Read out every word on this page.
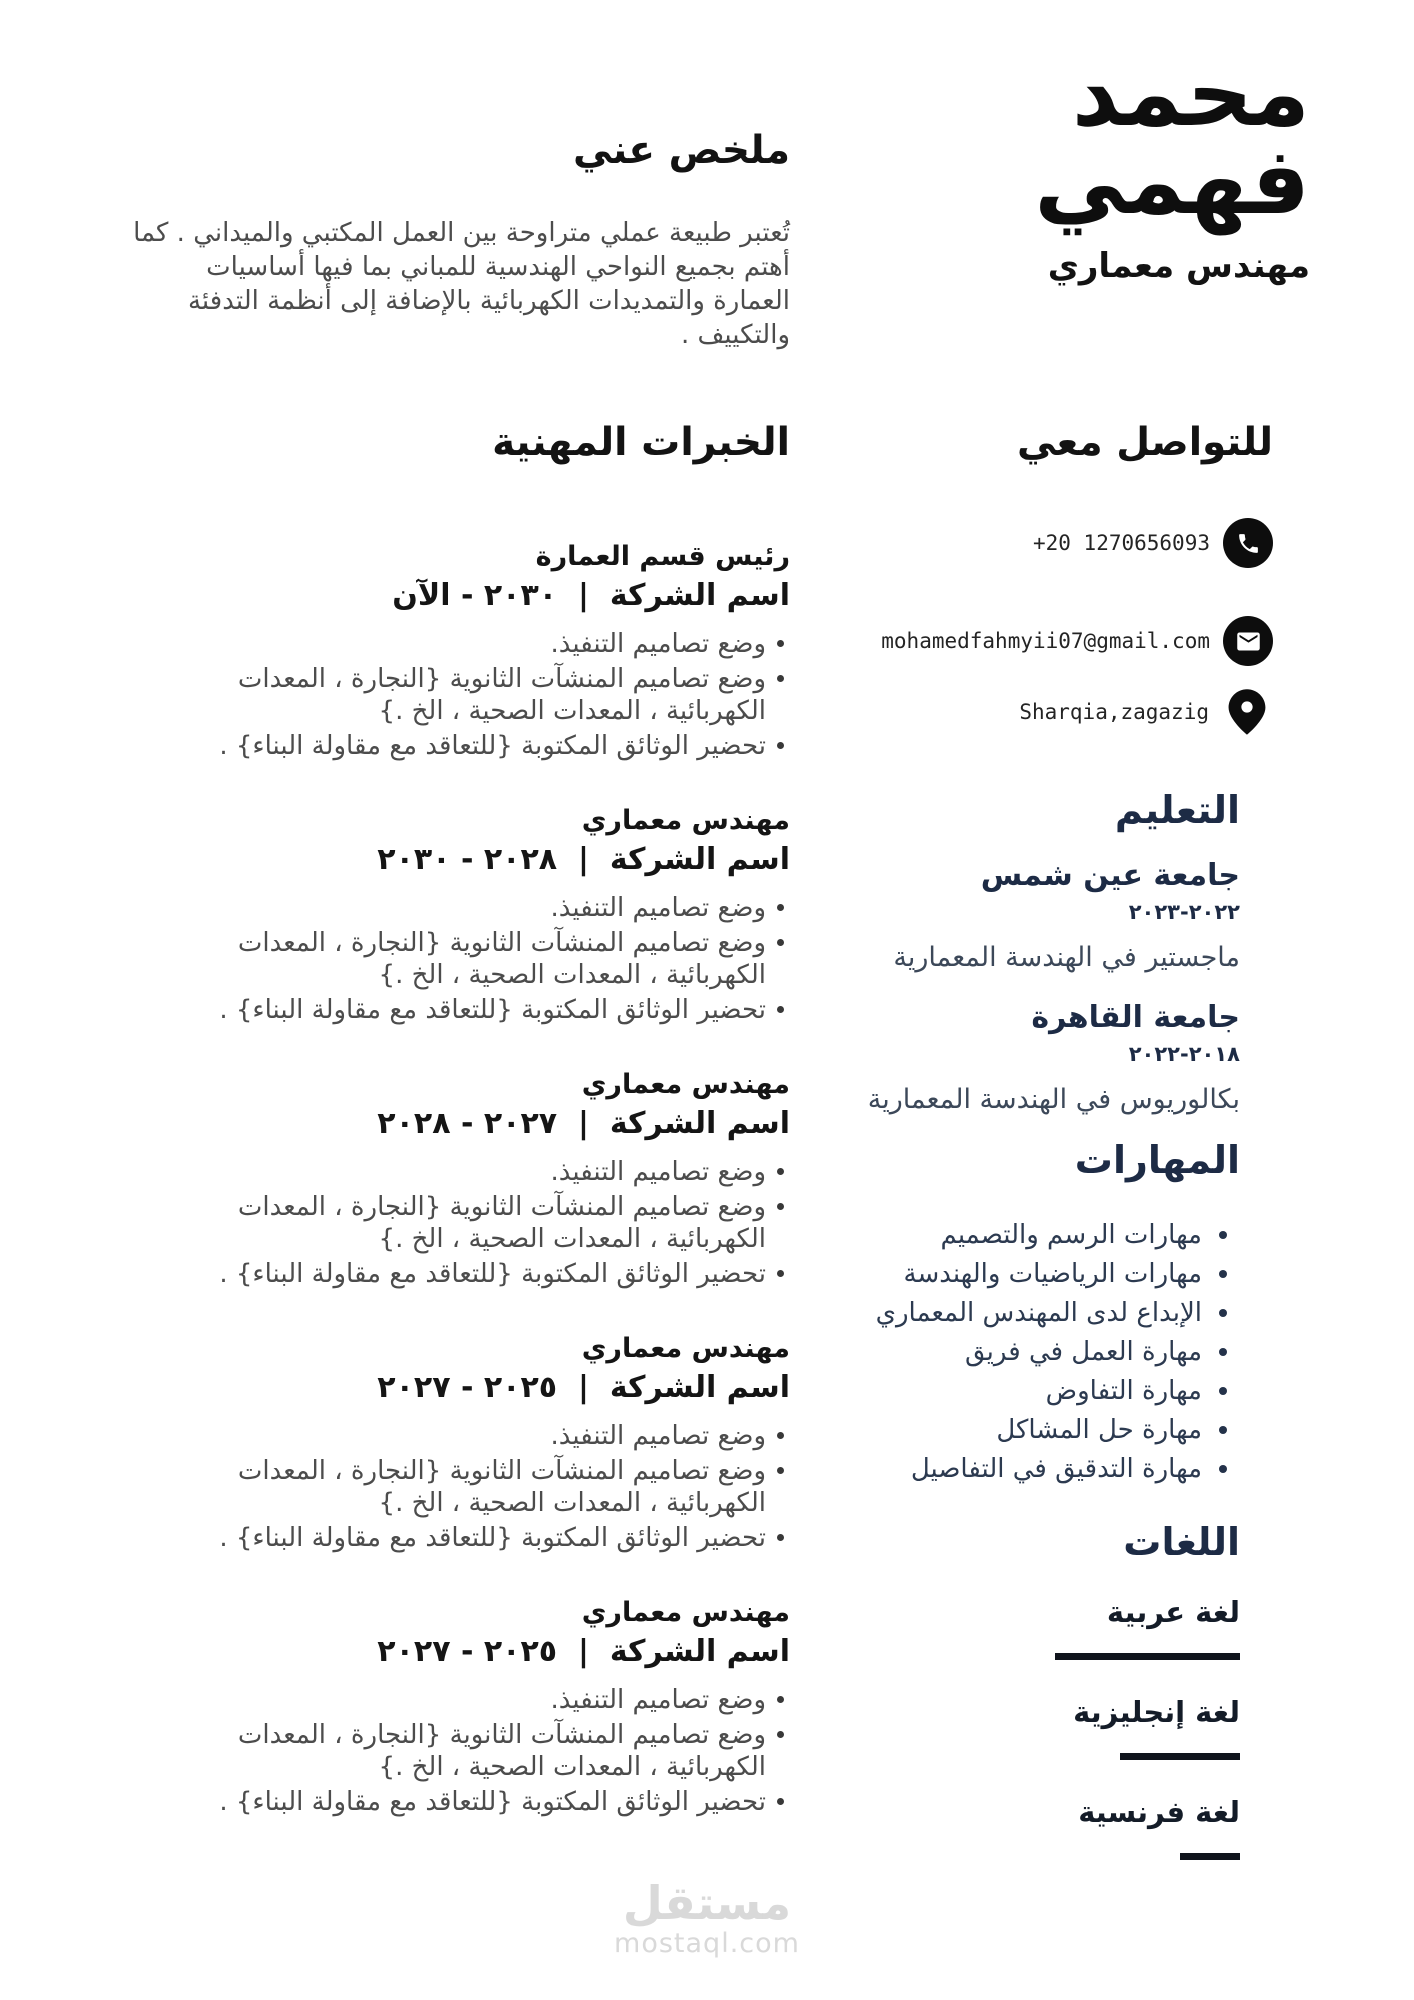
محمد
فهمي
مهندس معماري
للتواصل معي
+20 1270656093
mohamedfahmyii07@gmail.com
Sharqia,zagazig
التعليم
جامعة عين شمس
٢٠٢٢-٢٠٢٣
ماجستير في الهندسة المعمارية
جامعة القاهرة
٢٠١٨-٢٠٢٢
بكالوريوس في الهندسة المعمارية
المهارات
مهارات الرسم والتصميم
مهارات الرياضيات والهندسة
الإبداع لدى المهندس المعماري
مهارة العمل في فريق
مهارة التفاوض
مهارة حل المشاكل
مهارة التدقيق في التفاصيل
اللغات
لغة عربية
لغة إنجليزية
لغة فرنسية
ملخص عني

تُعتبر طبيعة عملي متراوحة بين العمل المكتبي والميداني . كما أهتم بجميع النواحي الهندسية للمباني بما فيها أساسيات العمارة والتمديدات الكهربائية بالإضافة إلى أنظمة التدفئة والتكييف .

الخبرات المهنية
رئيس قسم العمارة
اسم الشركة  |  ٢٠٣٠ - الآن
وضع تصاميم التنفيذ.
وضع تصاميم المنشآت الثانوية {النجارة ، المعدات الكهربائية ، المعدات الصحية ، الخ .}
تحضير الوثائق المكتوبة {للتعاقد مع مقاولة البناء} .
مهندس معماري
اسم الشركة  |  ٢٠٢٨ - ٢٠٣٠
وضع تصاميم التنفيذ.
وضع تصاميم المنشآت الثانوية {النجارة ، المعدات الكهربائية ، المعدات الصحية ، الخ .}
تحضير الوثائق المكتوبة {للتعاقد مع مقاولة البناء} .
مهندس معماري
اسم الشركة  |  ٢٠٢٧ - ٢٠٢٨
وضع تصاميم التنفيذ.
وضع تصاميم المنشآت الثانوية {النجارة ، المعدات الكهربائية ، المعدات الصحية ، الخ .}
تحضير الوثائق المكتوبة {للتعاقد مع مقاولة البناء} .
مهندس معماري
اسم الشركة  |  ٢٠٢٥ - ٢٠٢٧
وضع تصاميم التنفيذ.
وضع تصاميم المنشآت الثانوية {النجارة ، المعدات الكهربائية ، المعدات الصحية ، الخ .}
تحضير الوثائق المكتوبة {للتعاقد مع مقاولة البناء} .
مهندس معماري
اسم الشركة  |  ٢٠٢٥ - ٢٠٢٧
وضع تصاميم التنفيذ.
وضع تصاميم المنشآت الثانوية {النجارة ، المعدات الكهربائية ، المعدات الصحية ، الخ .}
تحضير الوثائق المكتوبة {للتعاقد مع مقاولة البناء} .
مستقل
mostaql.com
